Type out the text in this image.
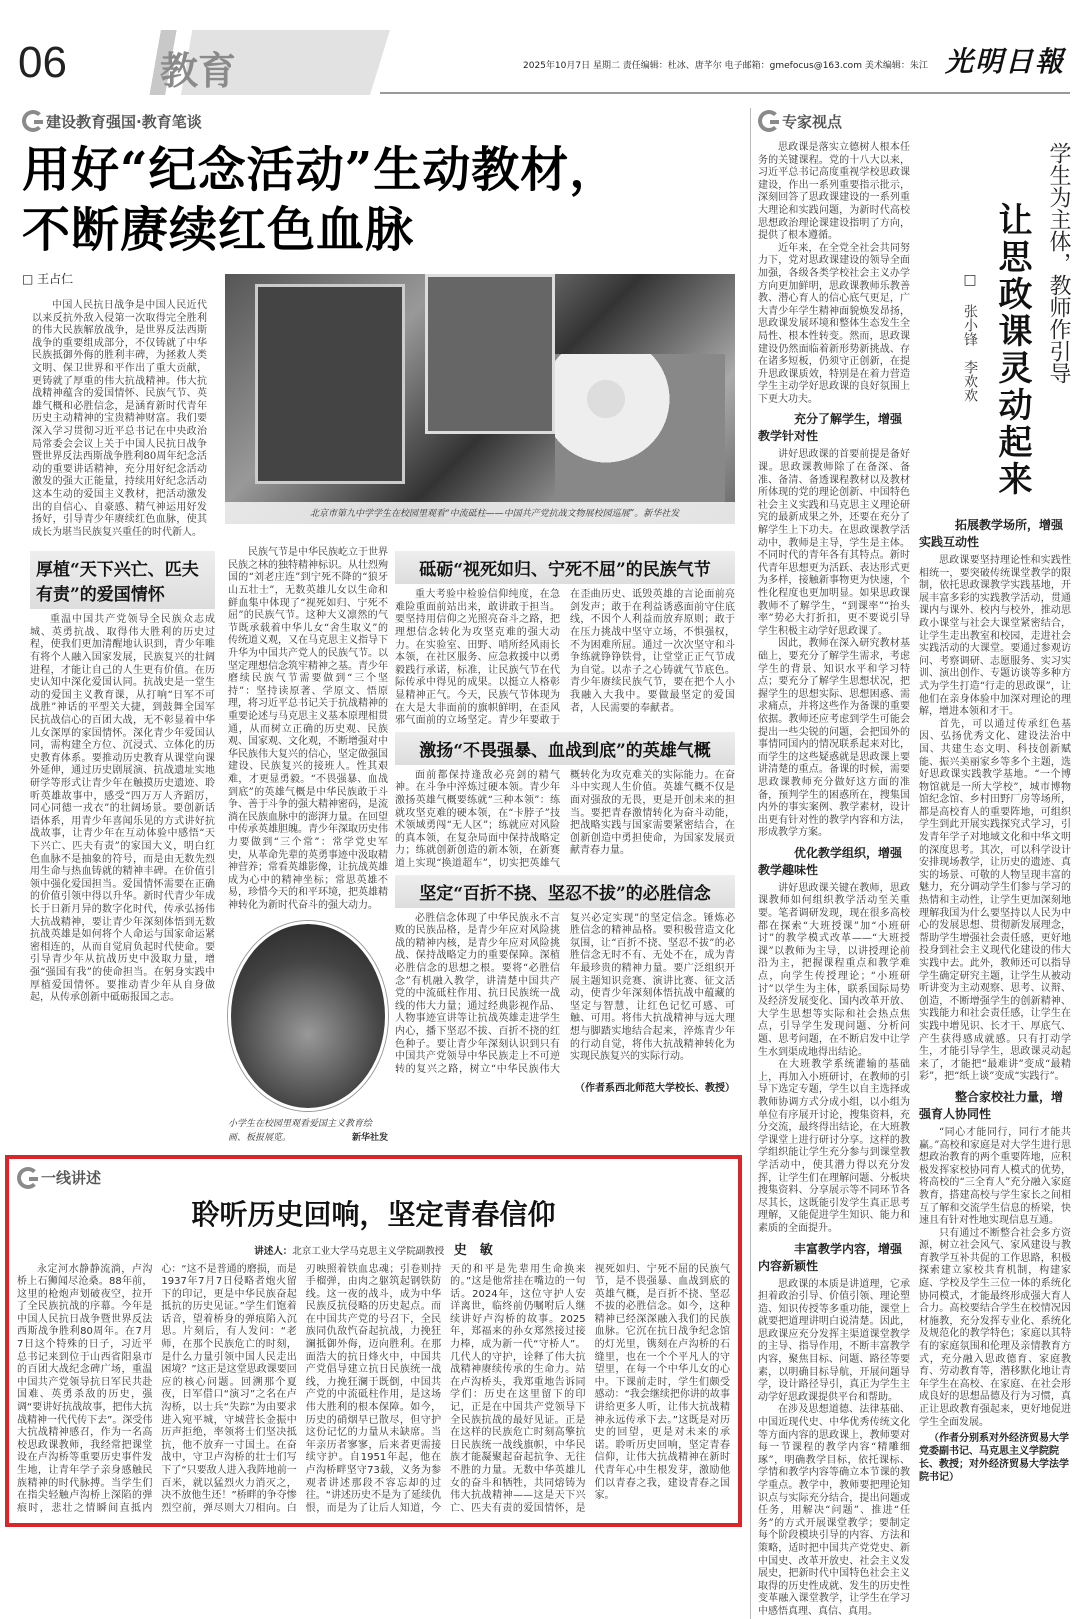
06 教育	2025年10月7日 星期二 责任编辑：杜冰、唐芊尔 电子邮箱：gmefocus@163.com 美术编辑：朱江 光明日報
建设教育强国·教育笔谈
用好“纪念活动”生动教材，
不断赓续红色血脉
□ 王占仁

中国人民抗日战争是中国人民近代以来反抗外敌入侵第一次取得完全胜利的伟大民族解放战争，是世界反法西斯战争的重要组成部分，不仅铸就了中华民族抵御外侮的胜利丰碑，为拯救人类文明、保卫世界和平作出了重大贡献，更铸就了厚重的伟大抗战精神。伟大抗战精神蕴含的爱国情怀、民族气节、英雄气概和必胜信念，是涵育新时代青年历史主动精神的宝贵精神财富。我们要深入学习贯彻习近平总书记在中央政治局常委会会议上关于中国人民抗日战争暨世界反法西斯战争胜利80周年纪念活动的重要讲话精神，充分用好纪念活动激发的强大正能量，持续用好纪念活动这本生动的爱国主义教材，把活动激发出的自信心、自豪感、精气神运用好发扬好，引导青少年赓续红色血脉，使其成长为堪当民族复兴重任的时代新人。

北京市第九中学学生在校园里观看“中流砥柱——中国共产党抗战文物展校园巡展”。新华社发
厚植“天下兴亡、匹夫有责”的爱国情怀

重温中国共产党领导全民族众志成城、英勇抗战、取得伟大胜利的历史过程，使我们更加清醒地认识到，青少年唯有将个人融入国家发展，民族复兴的壮阔进程，才能让自己的人生更有价值。在历史认知中深化爱国认同。抗战史是一堂生动的爱国主义教育课，从打响“日军不可战胜”神话的平型关大捷，到鼓舞全国军民抗战信心的百团大战，无不彰显着中华儿女深厚的家国情怀。深化青少年爱国认同，需构建全方位、沉浸式、立体化的历史教育体系。要推动历史教育从课堂向课外延伸，通过历史剧展演、抗战遗址实地研学等形式让青少年在触摸历史遗迹、聆听英雄故事中，感受“四万万人齐蹈厉，同心同德一戎衣”的壮阔场景。要创新话语体系，用青少年喜闻乐见的方式讲好抗战故事，让青少年在互动体验中感悟“天下兴亡、匹夫有责”的家国大义，明白红色血脉不是抽象的符号，而是由无数先烈用生命与热血铸就的精神丰碑。在价值引领中强化爱国担当。爱国情怀需要在正确的价值引领中得以升华。新时代青少年成长于日新月异的数字化时代，传承弘扬伟大抗战精神，要让青少年深刻体悟到无数抗战英雄是如何将个人命运与国家命运紧密相连的，从而自觉肩负起时代使命。要引导青少年从抗战历史中汲取力量，增强“强国有我”的使命担当。在躬身实践中厚植爱国情怀。要推动青少年从自身做起，从传承创新中砥砺报国之志。

民族气节是中华民族屹立于世界民族之林的独特精神标识。从壮烈殉国的“刘老庄连”到宁死不降的“狼牙山五壮士”，无数英雄儿女以生命和鲜血集中体现了“视死如归、宁死不屈”的民族气节。这种大义凛然的气节既承载着中华儿女“舍生取义”的传统道义观，又在马克思主义指导下升华为中国共产党人的民族气节。以坚定理想信念筑牢精神之基。青少年磨续民族气节需要做到“三个坚持”：坚持读原著、学原文、悟原理，将习近平总书记关于抗战精神的重要论述与马克思主义基本原理相贯通，从而树立正确的历史观、民族观、国家观、文化观，不断增强对中华民族伟大复兴的信心，坚定做强国建设、民族复兴的接班人。性其艰难，才更显勇毅。“不畏强暴、血战到底”的英雄气概是中华民族敢于斗争、善于斗争的强大精神密码，是流淌在民族血脉中的澎湃力量。在回望中传承英雄胆魄。青少年深取历史伟力要做到“三个常”：常学党史军史，从革命先辈的英勇事迹中汲取精神营养；常看英雄影像，让抗战英雄成为心中的精神坐标；常思英雄不易，珍惜今天的和平环境，把英雄精神转化为新时代奋斗的强大动力。

小学生在校园里观看爱国主义教育绘画、板报展览。	新华社发
砥砺“视死如归、宁死不屈”的民族气节

重大考验中检验信仰纯度，在急难险重面前站出来，敢讲敢于担当。要坚持用信仰之光照亮奋斗之路，把理想信念转化为攻坚克难的强大动力。在实验室、田野、哨所经风雨长本领，在社区服务、应急救援中以勇毅践行承诺，标准，让民族气节在代际传承中得见的成果。以挺立人格彰显精神正气。今天，民族气节体现为在大是大非面前的旗帜鲜明，在歪风邪气面前的立场坚定。青少年要敢于在歪曲历史、诋毁英雄的言论面前亮剑发声；敢于在利益诱惑面前守住底线，不因个人利益而放弃原则；敢于在压力挑战中坚守立场，不惧强权，不为困难所屈。通过一次次坚守和斗争练就铮铮铁骨，让堂堂正正气节成为自觉。以赤子之心铸就气节底色。青少年赓续民族气节，要在把个人小我融入大我中。要做最坚定的爱国者，人民需要的奉献者。

激扬“不畏强暴、血战到底”的英雄气概

面前都保持逢敌必亮剑的精气神。在斗争中淬炼过硬本领。青少年激扬英雄气概要练就“三种本领”：练就攻坚克难的硬本领，在“卡脖子”技术领域勇闯“无人区”；练就应对风险的真本领，在复杂局面中保持战略定力；练就创新创造的新本领，在新赛道上实现“换道超车”，切实把英雄气概转化为攻克难关的实际能力。在奋斗中实现人生价值。英雄气概不仅是面对强敌的无畏，更是开创未来的担当。要把青春激情转化为奋斗动能，把战略实践与国家需要紧密结合，在创新创造中勇担使命，为国家发展贡献青春力量。

坚定“百折不挠、坚忍不拔”的必胜信念

必胜信念体现了中华民族永不言败的民族品格，是青少年应对风险挑战的精神内核，是青少年应对风险挑战、保持战略定力的重要保障。深植必胜信念的思想之根。要将“必胜信念”有机融入教学，讲清楚中国共产党的中流砥柱作用、抗日民族统一战线的伟大力量；通过经典影视作品、人物事迹宣讲等让抗战英雄走进学生内心，播下坚忍不拔、百折不挠的红色种子。要让青少年深刻认识到只有中国共产党领导中华民族走上不可逆转的复兴之路，树立“中华民族伟大复兴必定实现”的坚定信念。锤炼必胜信念的精神品格。要积极营造文化氛围，让“百折不挠、坚忍不拔”的必胜信念无时不有、无处不在，成为青年最珍贵的精神力量。要广泛组织开展主题知识竞赛、演讲比赛、征文活动，使青少年深刻体悟抗战中蕴藏的坚定与智慧，让红色记忆可感、可触、可用。将伟大抗战精神与远大理想与脚踏实地结合起来，淬炼青少年的行动自觉，将伟大抗战精神转化为实现民族复兴的实际行动。

（作者系西北师范大学校长、教授）
一线讲述
聆听历史回响，坚定青春信仰
讲述人：北京工业大学马克思主义学院副教授　 史　敏

永定河水静静流淌，卢沟桥上石狮闻尽沧桑。88年前，这里的枪炮声划破夜空，拉开了全民族抗战的序幕。今年是中国人民抗日战争暨世界反法西斯战争胜利80周年。在7月7日这个特殊的日子，习近平总书记来到位于山西省阳泉市的百团大战纪念碑广场，重温中国共产党领导抗日军民共赴国难、英勇杀敌的历史，强调“要讲好抗战故事，把伟大抗战精神一代代传下去”。深受伟大抗战精神感召，作为一名高校思政课教师，我经常把课堂设在卢沟桥等重要历史事件发生地，让青年学子亲身感触民族精神的时代脉搏。当学生们在指尖轻触卢沟桥上深陷的弹痕时，悲壮之情瞬间直抵内心：“这不是普通的磨损，而是1937年7月7日侵略者炮火留下的印记，更是中华民族奋起抵抗的历史见证。”学生们饱着话音，望着桥身的弹痕陷入沉思。片刻后，有人发问：“老师，在那个民族危亡的时刻，是什么力量引领中国人民走出困境？”这正是这堂思政课要回应的核心问题。回溯那个夏夜，日军借口“演习”之名在卢沟桥，以士兵“失踪”为由要求进入宛平城，守城营长金振中历声拒绝，率领将士们坚决抵抗，他不放弃一寸国土。在奋战中，守卫卢沟桥的壮士们写下了“只要敌人进入我阵地前一百米，就以猛烈火力消灭之，决不放他生还！”桥畔的争夺惨烈空前，弹尽则大刀相向。白刃映照着铁血忠魂；引卷则持手榴弹，由肉之躯筑起钢铁防线。这一夜的战斗，成为中华民族反抗侵略的历史起点。而在中国共产党的号召下，全民族同仇敌忾奋起抗战，力挽狂澜抵御外侮，迈向胜利。在那面浩大的抗日烽火中，中国共产党倡导建立抗日民族统一战线，力挽狂澜于既倒，中国共产党的中流砥柱作用，是这场伟大胜利的根本保障。如今，历史的硝烟早已散尽，但守护这份记忆的力量从未缺席。当年亲历者寥寥，后来者更需接续守护。自1951年起，他在卢沟桥畔坚守73载，义务为参观者讲述那段不容忘却的过往。“讲述历史不是为了延续仇恨，而是为了让后人知道，今天的和平是先辈用生命换来的。”这是他常挂在嘴边的一句话。2024年，这位守护人安详离世，临终前仍嘱咐后人继续讲好卢沟桥的故事。2025年，郑福来的孙女郑然接过接力棒，成为新一代“守桥人”。几代人的守护，诠释了伟大抗战精神赓续传承的生命力。站在卢沟桥头，我郑重地告诉同学们：历史在这里留下的印记，正是在中国共产党领导下全民族抗战的最好见证。正是在这样的民族危亡时刻高擎抗日民族统一战线旗帜，中华民族才能凝聚起奋起抗争、无往不胜的力量。无数中华英雄儿女的奋斗和牺牲，共同熔铸为伟大抗战精神——这是天下兴亡、匹夫有责的爱国情怀，是视死如归、宁死不屈的民族气节，是不畏强暴、血战到底的英雄气概，是百折不挠、坚忍不拔的必胜信念。如今，这种精神已经深深融入我们的民族血脉。它沉在抗日战争纪念馆的灯光里，镌刻在卢沟桥的石缝里，也在一个个平凡人的守望里，在每一个中华儿女的心中。下课前走时，学生们颇受感动：“我会继续把你讲的故事讲给更多人听，让伟大抗战精神永远传承下去。”这既是对历史的回望，更是对未来的承诺。聆听历史回响，坚定青春信仰，让伟大抗战精神在新时代青年心中生根发芽，激励他们以青春之我，建设青春之国家。

专家视点

思政课是落实立德树人根本任务的关键课程。党的十八大以来，习近平总书记高度重视学校思政课建设，作出一系列重要指示批示，深刻回答了思政课建设的一系列重大理论和实践问题，为新时代高校思想政治理论课建设指明了方向，提供了根本遵循。

近年来，在全党全社会共同努力下，党对思政课建设的领导全面加强，各级各类学校社会主义办学方向更加鲜明，思政课教师乐教善教、潜心育人的信心底气更足，广大青少年学生精神面貌焕发昂扬，思政课发展环境和整体生态发生全局性、根本性转变。然而，思政课建设仍然面临着新形势新挑战、存在诸多短板，仍须守正创新，在提升思政课质效，特别是在着力营造学生主动学好思政课的良好氛围上下更大功夫。

充分了解学生，增强教学针对性

讲好思政课的首要前提是备好课。思政课教师除了在备深、备准、备清、备透课程教材以及教材所体现的党的理论创新、中国特色社会主义实践和马克思主义理论研究的最新成果之外，还要在充分了解学生上下功夫。在思政课教学活动中，教师是主导，学生是主体。不同时代的青年各有其特点。新时代青年思想更为活跃、表达形式更为多样，接触新事物更为快速，个性化程度也更加明显。如果思政课教师不了解学生，“到课率”“抬头率”势必大打折扣，更不要说引导学生积极主动学好思政课了。

因此，教师在深入研究教材基础上，要充分了解学生需求，考虑学生的背景、知识水平和学习特点；要充分了解学生思想状况，把握学生的思想实际、思想困惑、需求痛点，并将这些作为备课的重要依据。教师还应考虑到学生可能会提出一些尖锐的问题，会把国外的事情同国内的情况联系起来对比，而学生的这些疑惑就是思政课上要讲清楚的重点。备课的时候，需要思政课教师充分做好这方面的准备，预判学生的困惑所在，搜集国内外的事实案例、教学素材，设计出更有针对性的教学内容和方法，形成教学方案。

优化教学组织，增强教学趣味性

讲好思政课关键在教师，思政课教师如何组织教学活动至关重要。笔者调研发现，现在很多高校都在探索“大班授课”加“小班研讨”的教学模式改革——“大班授课”以教师为主导，以讲授理论前沿为主，把握课程重点和教学难点，向学生传授理论；“小班研讨”以学生为主体，联系国际局势及经济发展变化、国内改革开放、大学生思想等实际和社会热点焦点，引导学生发现问题、分析问题、思考问题，在不断启发中让学生水到渠成地得出结论。

在大班教学系统灌输的基础上，再加入小班研讨，在教师的引导下选定专题，学生以自主选择或教师协调方式分成小组，以小组为单位有序展开讨论，搜集资料，充分交流，最终得出结论，在大班教学课堂上进行研讨分享。这样的教学组织能让学生充分参与到课堂教学活动中，使其潜力得以充分发挥，让学生们在理解问题、分板块搜集资料、分享展示等不同环节各尽其长，这既能引发学生真正思考理解，又能促进学生知识、能力和素质的全面提升。

丰富教学内容，增强内容新颖性

思政课的本质是讲道理，它承担着政治引导、价值引领、理论塑造、知识传授等多重功能，课堂上就要把道理讲明白说清楚。因此，思政课应充分发挥主渠道课堂教学的主导、指导作用，不断丰富教学内容，聚焦目标、问题、路径等要素，以明确目标导航，开展问题导学，设计路径导引，真正为学生主动学好思政课提供平台和帮助。

在涉及思想道德、法律基础、中国近现代史、中华优秀传统文化等方面内容的思政课上，教师要对每一节课程的教学内容“精雕细琢”，明确教学目标，依托课标、学情和教学内容等确立本节课的教学重点。教学中，教师要把理论知识点与实际充分结合，提出问题或任务，用解决“问题”、推进“任务”的方式开展课堂教学；要制定每个阶段模块引导的内容、方法和策略，适时把中国共产党党史、新中国史、改革开放史、社会主义发展史，把新时代中国特色社会主义取得的历史性成就、发生的历史性变革融入课堂教学，让学生在学习中感悟真理、真信、真用。

学生为主体，教师作引导
让思政课灵动起来
□ 张小锋　李欢欢
拓展教学场所，增强实践互动性

思政课要坚持理论性和实践性相统一，要突破传统课堂教学的限制，依托思政课教学实践基地，开展丰富多彩的实践教学活动，贯通课内与课外、校内与校外，推动思政小课堂与社会大课堂紧密结合，让学生走出教室和校园，走进社会实践活动的大课堂。要通过参观访问、考察调研、志愿服务、实习实训、演出创作、专题访谈等多种方式为学生打造“行走的思政课”，让他们在亲身体验中加深对理论的理解，增进本领和才干。

首先，可以通过传承红色基因、弘扬优秀文化、建设法治中国、共建生态文明、科技创新赋能、振兴美丽家乡等多个主题，选好思政课实践教学基地。“一个博物馆就是一所大学校”，城市博物馆纪念馆、乡村田野厂房等场所，都是高校育人的重要阵地，可组织学生到此开展实践探究式学习，引发青年学子对地域文化和中华文明的深度思考。其次，可以科学设计安排现场教学，让历史的遗迹、真实的场景、可敬的人物呈现丰富的魅力，充分调动学生们参与学习的热情和主动性，让学生更加深刻地理解我国为什么要坚持以人民为中心的发展思想、贯彻新发展理念，帮助学生增强社会责任感，更好地投身到社会主义现代化建设的伟大实践中去。此外，教师还可以指导学生确定研究主题，让学生从被动听讲变为主动观察、思考、议辩、创造，不断增强学生的创新精神、实践能力和社会责任感，让学生在实践中增见识、长才干、厚底气、产生获得感成就感。只有打动学生，才能引导学生，思政课灵动起来了，才能把“最难讲”变成“最精彩”，把“纸上谈”变成“实践行”。

整合家校社力量，增强育人协同性

“同心才能同行，同行才能共赢。”高校和家庭是对大学生进行思想政治教育的两个重要阵地，应积极发挥家校协同育人模式的优势，将高校的“三全育人”充分融入家庭教育，搭建高校与学生家长之间相互了解和交流学生信息的桥梁，快速且有针对性地实现信息互通。

只有通过不断整合社会多方资源，树立社会风气、家风建设与教育教学互补共促的工作思路，积极探索建立家校共育机制，构建家庭、学校及学生三位一体的系统化协同模式，才能最终形成强大育人合力。高校要结合学生在校情况因材施教，充分发挥专业化、系统化及规范化的教学特色；家庭以其特有的家庭氛围和伦理及亲情教育方式，充分融入思政德育、家庭教育、劳动教育等，潜移默化地让青年学生在高校、在家庭、在社会形成良好的思想品德及行为习惯，真正让思政教育强起来，更好地促进学生全面发展。

（作者分别系对外经济贸易大学党委副书记、马克思主义学院院长、教授；对外经济贸易大学法学院书记）
